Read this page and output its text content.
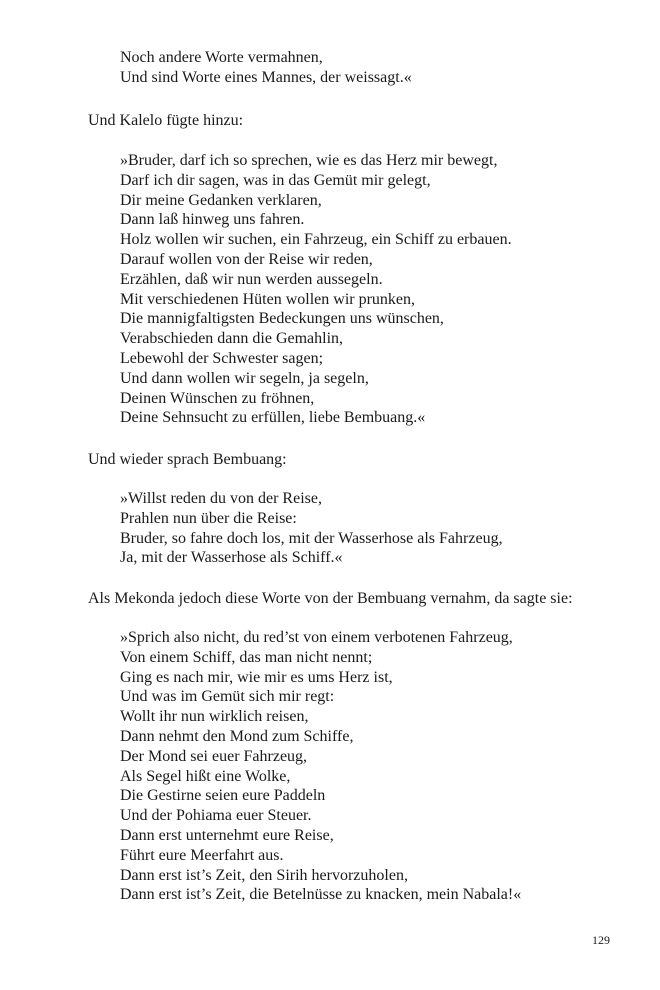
Noch andere Worte vermahnen,

Und sind Worte eines Mannes, der weissagt.«

Und Kalelo fügte hinzu:

»Bruder, darf ich so sprechen, wie es das Herz mir bewegt,

Darf ich dir sagen, was in das Gemüt mir gelegt,

Dir meine Gedanken verklaren,

Dann laß hinweg uns fahren.

Holz wollen wir suchen, ein Fahrzeug, ein Schiff zu erbauen.

Darauf wollen von der Reise wir reden,

Erzählen, daß wir nun werden aussegeln.

Mit verschiedenen Hüten wollen wir prunken,

Die mannigfaltigsten Bedeckungen uns wünschen,

Verabschieden dann die Gemahlin,

Lebewohl der Schwester sagen;

Und dann wollen wir segeln, ja segeln,

Deinen Wünschen zu fröhnen,

Deine Sehnsucht zu erfüllen, liebe Bembuang.«

Und wieder sprach Bembuang:

»Willst reden du von der Reise,

Prahlen nun über die Reise:

Bruder, so fahre doch los, mit der Wasserhose als Fahrzeug,

Ja, mit der Wasserhose als Schiff.«

Als Mekonda jedoch diese Worte von der Bembuang vernahm, da sagte sie:

»Sprich also nicht, du red’st von einem verbotenen Fahrzeug,

Von einem Schiff, das man nicht nennt;

Ging es nach mir, wie mir es ums Herz ist,

Und was im Gemüt sich mir regt:

Wollt ihr nun wirklich reisen,

Dann nehmt den Mond zum Schiffe,

Der Mond sei euer Fahrzeug,

Als Segel hißt eine Wolke,

Die Gestirne seien eure Paddeln

Und der Pohiama euer Steuer.

Dann erst unternehmt eure Reise,

Führt eure Meerfahrt aus.

Dann erst ist’s Zeit, den Sirih hervorzuholen,

Dann erst ist’s Zeit, die Betelnüsse zu knacken, mein Nabala!«

129
